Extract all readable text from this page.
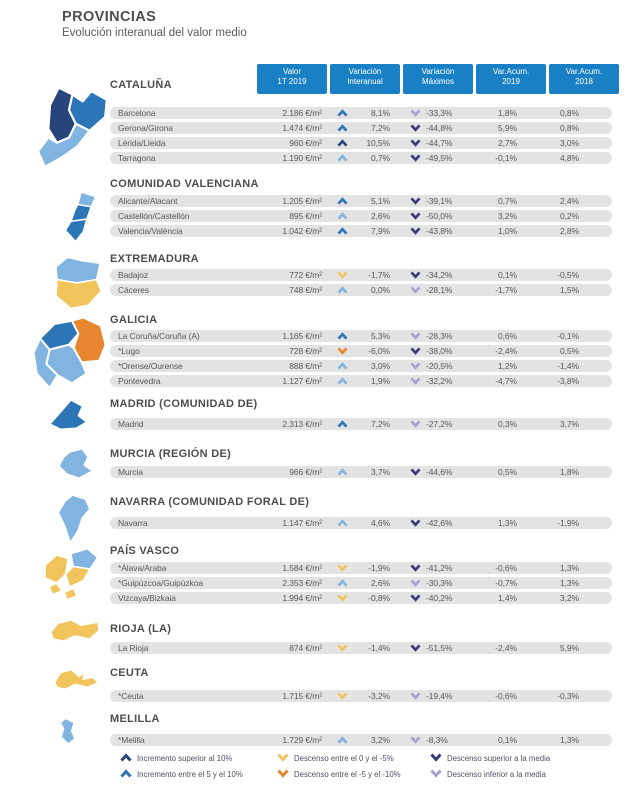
PROVINCIAS
Evolución interanual del valor medio
Valor
1T 2019
Variación
Interanual
Variación
Máximos
Var.Acum.
2019
Var.Acum.
2018
CATALUÑA
Barcelona	2.186 €/m²	8,1%	-33,3%	1,8%	0,8%
Gerona/Girona	1.474 €/m²	7,2%	-44,8%	5,9%	0,8%
Lérida/Lleida	960 €/m²	10,5%	-44,7%	2,7%	3,0%
Tarragona	1.190 €/m²	0,7%	-49,5%	-0,1%	4,8%
COMUNIDAD VALENCIANA
Alicante/Alacant	1.205 €/m²	5,1%	-39,1%	0,7%	2,4%
Castellón/Castellón	895 €/m²	2,6%	-50,0%	3,2%	0,2%
Valencia/València	1.042 €/m²	7,9%	-43,8%	1,0%	2,8%
EXTREMADURA
Badajoz	772 €/m²	-1,7%	-34,2%	0,1%	-0,5%
Cáceres	748 €/m²	0,0%	-28,1%	-1,7%	1,5%
GALICIA
La Coruña/Coruña (A)	1.165 €/m²	5,3%	-28,3%	0,6%	-0,1%
*Lugo	728 €/m²	-6,0%	-38,0%	-2,4%	0,5%
*Orense/Ourense	888 €/m²	3,0%	-20,5%	1,2%	-1,4%
Pontevedra	1.127 €/m²	1,9%	-32,2%	-4,7%	-3,8%
MADRID (COMUNIDAD DE)
Madrid	2.313 €/m²	7,2%	-27,2%	0,3%	3,7%
MURCIA (REGIÓN DE)
Murcia	966 €/m²	3,7%	-44,6%	0,5%	1,8%
NAVARRA (COMUNIDAD FORAL DE)
Navarra	1.147 €/m²	4,6%	-42,6%	1,3%	-1,9%
PAÍS VASCO
*Álava/Araba	1.584 €/m²	-1,9%	-41,2%	-0,6%	1,3%
*Guipúzcoa/Guipúzkoa	2.353 €/m²	2,6%	-30,3%	-0,7%	1,3%
Vizcaya/Bizkaia	1.994 €/m²	-0,8%	-40,2%	1,4%	3,2%
RIOJA (LA)
La Rioja	874 €/m²	-1,4%	-51,5%	-2,4%	5,9%
CEUTA
*Ceuta	1.715 €/m²	-3,2%	-19,4%	-0,6%	-0,3%
MELILLA
*Melilla	1.729 €/m²	3,2%	-8,3%	0,1%	1,3%
Incremento superior al 10%
Incremento entre el 5 y el 10%
Descenso entre el 0 y el -5%
Descenso entre el -5 y el -10%
Descenso superior a la media
Descenso inferior a la media
